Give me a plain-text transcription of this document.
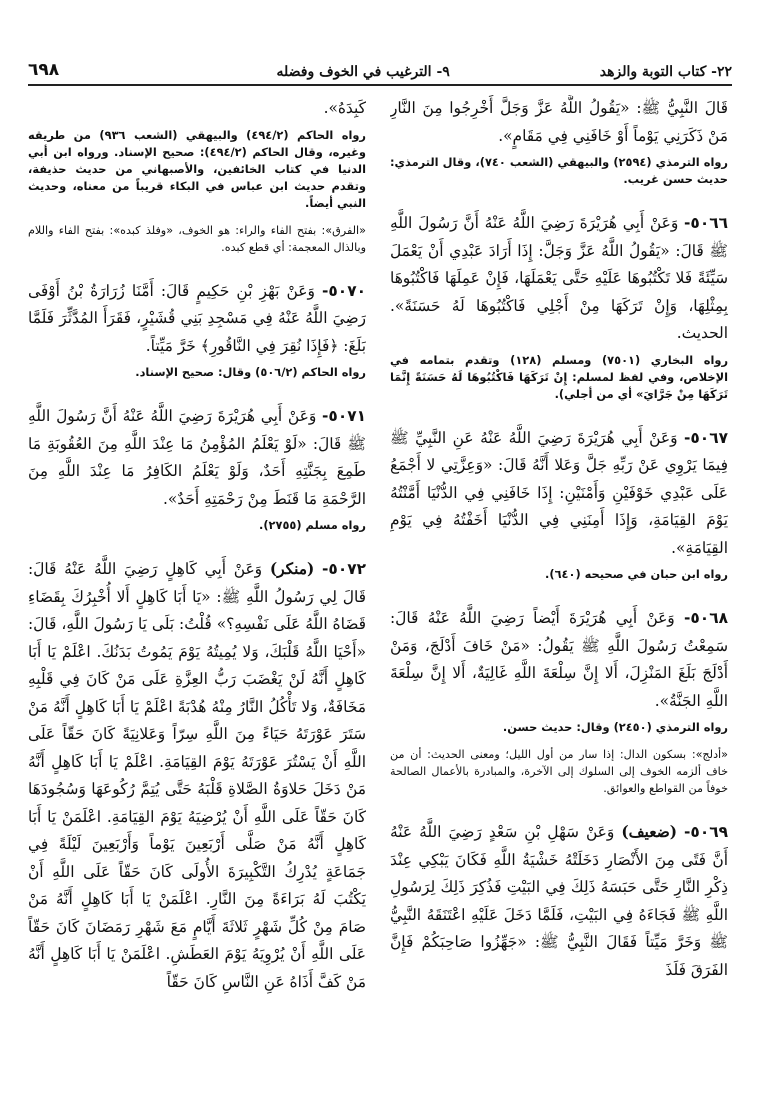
٢٢- كتاب التوبة والزهد
٩- الترغيب في الخوف وفضله
٦٩٨

قَالَ النَّبِيُّ ﷺ: «يَقُولُ اللَّهُ عَزَّ وَجَلَّ أَخْرِجُوا مِنَ النَّارِ مَنْ ذَكَرَنِي يَوْماً أَوْ خَافَنِي فِي مَقَامٍ».

رواه الترمذي (٢٥٩٤) والبيهقي (الشعب ٧٤٠)، وقال الترمذي: حديث حسن غريب.

٥٠٦٦- وَعَنْ أَبِي هُرَيْرَةَ رَضِيَ اللَّهُ عَنْهُ أَنَّ رَسُولَ اللَّهِ ﷺ قَالَ: «يَقُولُ اللَّهُ عَزَّ وَجَلَّ: إِذَا أَرَادَ عَبْدِي أَنْ يَعْمَلَ سَيِّئَةً فَلا تَكْتُبُوهَا عَلَيْهِ حَتَّى يَعْمَلَهَا، فَإِنْ عَمِلَهَا فَاكْتُبُوهَا بِمِثْلِهَا، وَإِنْ تَرَكَهَا مِنْ أَجْلِي فَاكْتُبُوهَا لَهُ حَسَنَةً». الحديث.

رواه البخاري (٧٥٠١) ومسلم (١٢٨) وتقدم بتمامه في الإخلاص، وفي لفظ لمسلم: إِنْ تَرَكَهَا فَاكْتُبُوهَا لَهُ حَسَنَةً إِنَّمَا تَرَكَهَا مِنْ جَرَّايَ» أي من أجلي).

٥٠٦٧- وَعَنْ أَبِي هُرَيْرَةَ رَضِيَ اللَّهُ عَنْهُ عَنِ النَّبِيِّ ﷺ فِيمَا يَرْوِي عَنْ رَبِّهِ جَلَّ وَعَلا أَنَّهُ قَالَ: «وَعِزَّتِي لا أَجْمَعُ عَلَى عَبْدِي خَوْفَيْنِ وَأَمْنَيْنِ: إِذَا خَافَنِي فِي الدُّنْيَا أَمَّنْتُهُ يَوْمَ القِيَامَةِ، وَإِذَا أَمِنَنِي فِي الدُّنْيَا أَخَفْتُهُ فِي يَوْمِ القِيَامَةِ».

رواه ابن حبان في صحيحه (٦٤٠).

٥٠٦٨- وَعَنْ أَبِي هُرَيْرَةَ أَيْضاً رَضِيَ اللَّهُ عَنْهُ قَالَ: سَمِعْتُ رَسُولَ اللَّهِ ﷺ يَقُولُ: «مَنْ خَافَ أَدْلَجَ، وَمَنْ أَدْلَجَ بَلَغَ المَنْزِلَ، أَلا إِنَّ سِلْعَةَ اللَّهِ غَالِيَةٌ، أَلا إِنَّ سِلْعَةَ اللَّهِ الجَنَّةُ».

رواه الترمذي (٢٤٥٠) وقال: حديث حسن.
«أدلج»: بسكون الدال: إذا سار من أول الليل؛ ومعنى الحديث: أن من خاف ألزمه الخوف إلى السلوك إلى الآخرة، والمبادرة بالأعمال الصالحة خوفاً من القواطع والعوائق.

٥٠٦٩- (ضعيف) وَعَنْ سَهْلِ بْنِ سَعْدٍ رَضِيَ اللَّهُ عَنْهُ أَنَّ فَتًى مِنَ الأَنْصَارِ دَخَلَتْهُ خَشْيَةُ اللَّهِ فَكَانَ يَبْكِي عِنْدَ ذِكْرِ النَّارِ حَتَّى حَبَسَهُ ذَلِكَ فِي البَيْتِ فَذُكِرَ ذَلِكَ لِرَسُولِ اللَّهِ ﷺ فَجَاءَهُ فِي البَيْتِ، فَلَمَّا دَخَلَ عَلَيْهِ اعْتَنَقَهُ النَّبِيُّ ﷺ وَخَرَّ مَيِّتاً فَقَالَ النَّبِيُّ ﷺ: «جَهِّزُوا صَاحِبَكُمْ فَإِنَّ الفَرَقَ فَلَذَ

كَبِدَهُ».

رواه الحاكم (٤٩٤/٢) والبيهقي (الشعب ٩٣٦) من طريقه وغيره، وقال الحاكم (٤٩٤/٢): صحيح الإسناد. ورواه ابن أبي الدنيا في كتاب الخائفين، والأصبهاني من حديث حذيفة، وتقدم حديث ابن عباس في البكاء قريباً من معناه، وحديث النبي أيضاً.
«الفرق»: بفتح الفاء والراء: هو الخوف، «وفلذ كبده»: بفتح الفاء واللام وبالذال المعجمة: أي قطع كبده.

٥٠٧٠- وَعَنْ بَهْزِ بْنِ حَكِيمٍ قَالَ: أَمَّنَا زُرَارَةُ بْنُ أَوْفَى رَضِيَ اللَّهُ عَنْهُ فِي مَسْجِدِ بَنِي قُشَيْرٍ، فَقَرَأَ المُدَّثِّرَ فَلَمَّا بَلَغَ: ﴿فَإِذَا نُقِرَ فِي النَّاقُورِ﴾ خَرَّ مَيِّتاً.

رواه الحاكم (٥٠٦/٢) وقال: صحيح الإسناد.

٥٠٧١- وَعَنْ أَبِي هُرَيْرَةَ رَضِيَ اللَّهُ عَنْهُ أَنَّ رَسُولَ اللَّهِ ﷺ قَالَ: «لَوْ يَعْلَمُ المُؤْمِنُ مَا عِنْدَ اللَّهِ مِنَ العُقُوبَةِ مَا طَمِعَ بِجَنَّتِهِ أَحَدٌ، وَلَوْ يَعْلَمُ الكَافِرُ مَا عِنْدَ اللَّهِ مِنَ الرَّحْمَةِ مَا قَنَطَ مِنْ رَحْمَتِهِ أَحَدٌ».

رواه مسلم (٢٧٥٥).

٥٠٧٢- (منكر) وَعَنْ أَبِي كَاهِلٍ رَضِيَ اللَّهُ عَنْهُ قَالَ: قَالَ لِي رَسُولُ اللَّهِ ﷺ: «يَا أَبَا كَاهِلٍ أَلا أُخْبِرُكَ بِقَضَاءِ قَضَاهُ اللَّهُ عَلَى نَفْسِهِ؟» قُلْتُ: بَلَى يَا رَسُولَ اللَّهِ، قَالَ: «أَحْيَا اللَّهُ قَلْبَكَ، وَلا يُمِيتُهُ يَوْمَ يَمُوتُ بَدَنُكَ. اعْلَمْ يَا أَبَا كَاهِلٍ أَنَّهُ لَنْ يَغْضَبَ رَبُّ العِزَّةِ عَلَى مَنْ كَانَ فِي قَلْبِهِ مَخَافَةٌ، وَلا تَأْكُلُ النَّارُ مِنْهُ هُدْبَةً اعْلَمْ يَا أَبَا كَاهِلٍ أَنَّهُ مَنْ سَتَرَ عَوْرَتَهُ حَيَاءً مِنَ اللَّهِ سِرّاً وَعَلانِيَةً كَانَ حَقّاً عَلَى اللَّهِ أَنْ يَسْتُرَ عَوْرَتَهُ يَوْمَ القِيَامَةِ. اعْلَمْ يَا أَبَا كَاهِلٍ أَنَّهُ مَنْ دَخَلَ حَلاوَةُ الصَّلاةِ قَلْبَهُ حَتَّى يُتِمَّ رُكُوعَهَا وَسُجُودَهَا كَانَ حَقّاً عَلَى اللَّهِ أَنْ يُرْضِيَهُ يَوْمَ القِيَامَةِ. اعْلَمَنْ يَا أَبَا كَاهِلٍ أَنَّهُ مَنْ صَلَّى أَرْبَعِينَ يَوْماً وَأَرْبَعِينَ لَيْلَةً فِي جَمَاعَةٍ يُدْرِكُ التَّكْبِيرَةَ الأُولَى كَانَ حَقّاً عَلَى اللَّهِ أَنْ يَكْتُبَ لَهُ بَرَاءَةً مِنَ النَّارِ. اعْلَمَنْ يَا أَبَا كَاهِلٍ أَنَّهُ مَنْ صَامَ مِنْ كُلِّ شَهْرٍ ثَلاثَةَ أَيَّامٍ مَعَ شَهْرِ رَمَضَانَ كَانَ حَقّاً عَلَى اللَّهِ أَنْ يُرْوِيَهُ يَوْمَ العَطَشِ. اعْلَمَنْ يَا أَبَا كَاهِلٍ أَنَّهُ مَنْ كَفَّ أَذَاهُ عَنِ النَّاسِ كَانَ حَقّاً
